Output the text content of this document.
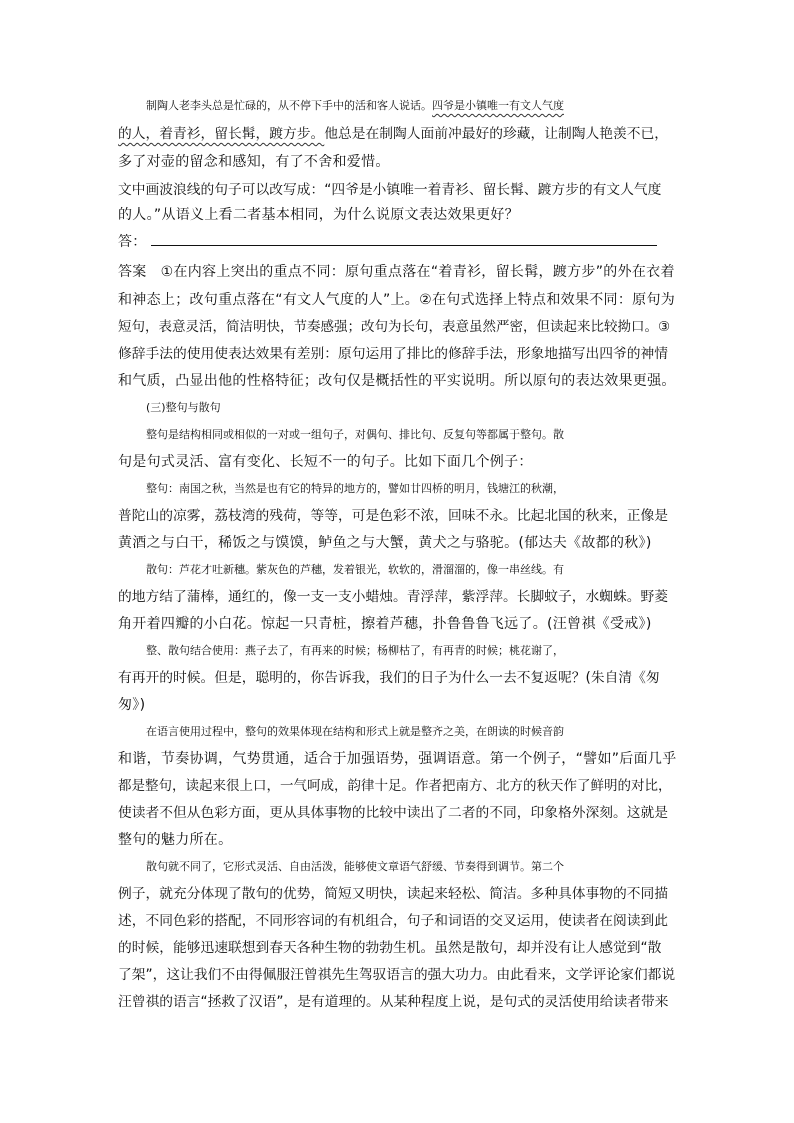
制陶人老李头总是忙碌的，从不停下手中的活和客人说话。四爷是小镇唯一有文人气度
的人，着青衫，留长髯，踱方步。他总是在制陶人面前冲最好的珍藏，让制陶人艳羡不已，
多了对壶的留念和感知，有了不舍和爱惜。
文中画波浪线的句子可以改写成：“四爷是小镇唯一着青衫、留长髯、踱方步的有文人气度
的人。”从语义上看二者基本相同，为什么说原文表达效果更好？
答：
答案 ①在内容上突出的重点不同：原句重点落在“着青衫，留长髯，踱方步”的外在衣着
和神态上；改句重点落在“有文人气度的人”上。②在句式选择上特点和效果不同：原句为
短句，表意灵活，简洁明快，节奏感强；改句为长句，表意虽然严密，但读起来比较拗口。③
修辞手法的使用使表达效果有差别：原句运用了排比的修辞手法，形象地描写出四爷的神情
和气质，凸显出他的性格特征；改句仅是概括性的平实说明。所以原句的表达效果更强。
(三)整句与散句
整句是结构相同或相似的一对或一组句子，对偶句、排比句、反复句等都属于整句。散
句是句式灵活、富有变化、长短不一的句子。比如下面几个例子：
整句：南国之秋，当然是也有它的特异的地方的，譬如廿四桥的明月，钱塘江的秋潮，
普陀山的凉雾，荔枝湾的残荷，等等，可是色彩不浓，回味不永。比起北国的秋来，正像是
黄酒之与白干，稀饭之与馍馍，鲈鱼之与大蟹，黄犬之与骆驼。(郁达夫《故都的秋》)
散句：芦花才吐新穗。紫灰色的芦穗，发着银光，软软的，滑溜溜的，像一串丝线。有
的地方结了蒲棒，通红的，像一支一支小蜡烛。青浮萍，紫浮萍。长脚蚊子，水蜘蛛。野菱
角开着四瓣的小白花。惊起一只青桩，擦着芦穗，扑鲁鲁鲁飞远了。(汪曾祺《受戒》)
整、散句结合使用：燕子去了，有再来的时候；杨柳枯了，有再青的时候；桃花谢了，
有再开的时候。但是，聪明的，你告诉我，我们的日子为什么一去不复返呢？(朱自清《匆
匆》)
在语言使用过程中，整句的效果体现在结构和形式上就是整齐之美，在朗读的时候音韵
和谐，节奏协调，气势贯通，适合于加强语势，强调语意。第一个例子，“譬如”后面几乎
都是整句，读起来很上口，一气呵成，韵律十足。作者把南方、北方的秋天作了鲜明的对比，
使读者不但从色彩方面，更从具体事物的比较中读出了二者的不同，印象格外深刻。这就是
整句的魅力所在。
散句就不同了，它形式灵活、自由活泼，能够使文章语气舒缓、节奏得到调节。第二个
例子，就充分体现了散句的优势，简短又明快，读起来轻松、简洁。多种具体事物的不同描
述，不同色彩的搭配，不同形容词的有机组合，句子和词语的交叉运用，使读者在阅读到此
的时候，能够迅速联想到春天各种生物的勃勃生机。虽然是散句，却并没有让人感觉到“散
了架”，这让我们不由得佩服汪曾祺先生驾驭语言的强大功力。由此看来，文学评论家们都说
汪曾祺的语言“拯救了汉语”，是有道理的。从某种程度上说，是句式的灵活使用给读者带来
